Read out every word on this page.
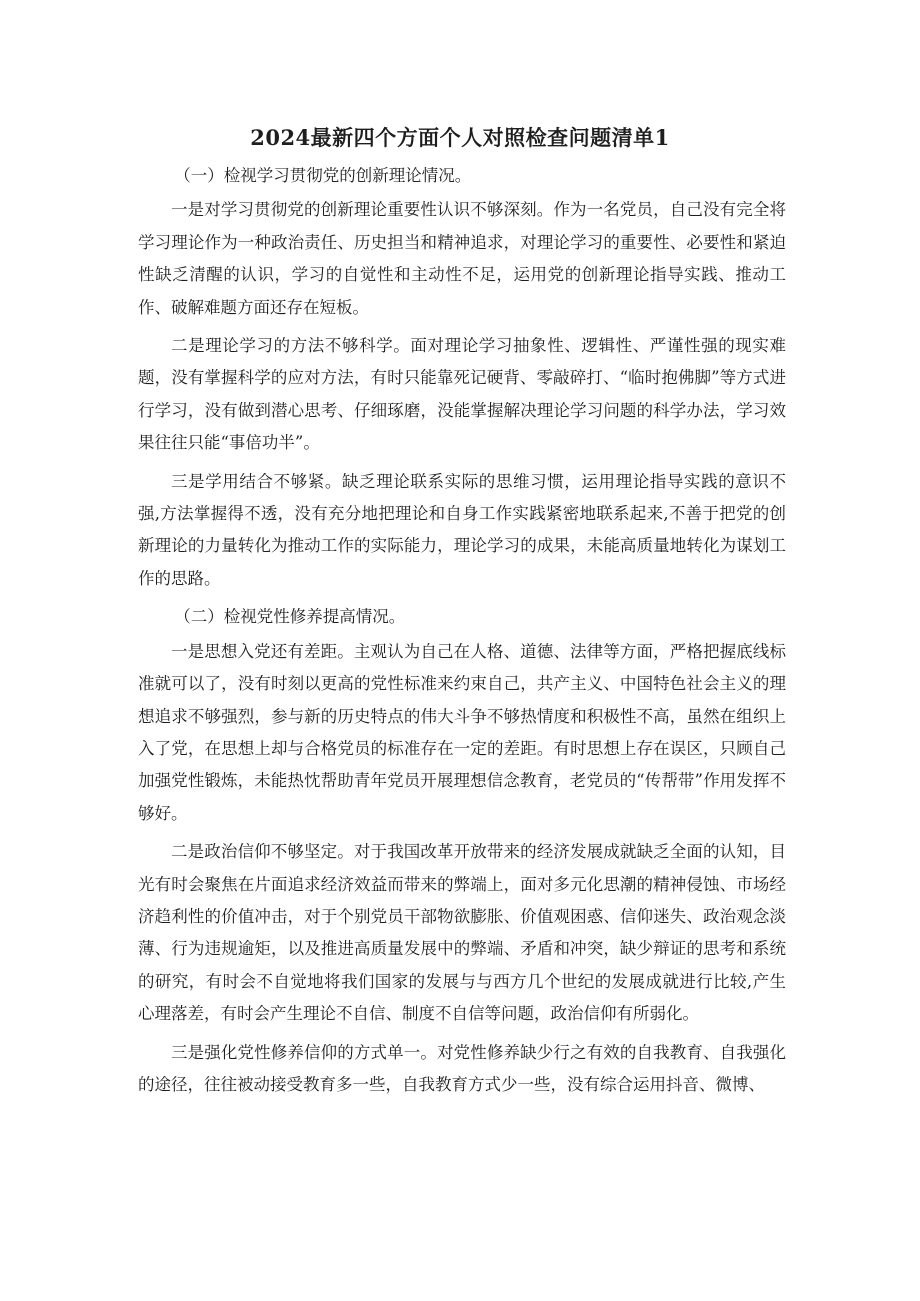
2024最新四个方面个人对照检查问题清单1

（一）检视学习贯彻党的创新理论情况。

一是对学习贯彻党的创新理论重要性认识不够深刻。作为一名党员，自己没有完全将学习理论作为一种政治责任、历史担当和精神追求，对理论学习的重要性、必要性和紧迫性缺乏清醒的认识，学习的自觉性和主动性不足，运用党的创新理论指导实践、推动工作、破解难题方面还存在短板。

二是理论学习的方法不够科学。面对理论学习抽象性、逻辑性、严谨性强的现实难题，没有掌握科学的应对方法，有时只能靠死记硬背、零敲碎打、“临时抱佛脚”等方式进行学习，没有做到潜心思考、仔细琢磨，没能掌握解决理论学习问题的科学办法，学习效果往往只能“事倍功半”。

三是学用结合不够紧。缺乏理论联系实际的思维习惯，运用理论指导实践的意识不强,方法掌握得不透，没有充分地把理论和自身工作实践紧密地联系起来,不善于把党的创新理论的力量转化为推动工作的实际能力，理论学习的成果，未能高质量地转化为谋划工作的思路。

（二）检视党性修养提高情况。

一是思想入党还有差距。主观认为自己在人格、道德、法律等方面，严格把握底线标准就可以了，没有时刻以更高的党性标准来约束自己，共产主义、中国特色社会主义的理想追求不够强烈，参与新的历史特点的伟大斗争不够热情度和积极性不高，虽然在组织上入了党，在思想上却与合格党员的标准存在一定的差距。有时思想上存在误区，只顾自己加强党性锻炼，未能热忱帮助青年党员开展理想信念教育，老党员的“传帮带”作用发挥不够好。

二是政治信仰不够坚定。对于我国改革开放带来的经济发展成就缺乏全面的认知，目光有时会聚焦在片面追求经济效益而带来的弊端上，面对多元化思潮的精神侵蚀、市场经济趋利性的价值冲击，对于个别党员干部物欲膨胀、价值观困惑、信仰迷失、政治观念淡薄、行为违规逾矩，以及推进高质量发展中的弊端、矛盾和冲突，缺少辩证的思考和系统的研究，有时会不自觉地将我们国家的发展与与西方几个世纪的发展成就进行比较,产生心理落差，有时会产生理论不自信、制度不自信等问题，政治信仰有所弱化。

三是强化党性修养信仰的方式单一。对党性修养缺少行之有效的自我教育、自我强化的途径，往往被动接受教育多一些，自我教育方式少一些，没有综合运用抖音、微博、
